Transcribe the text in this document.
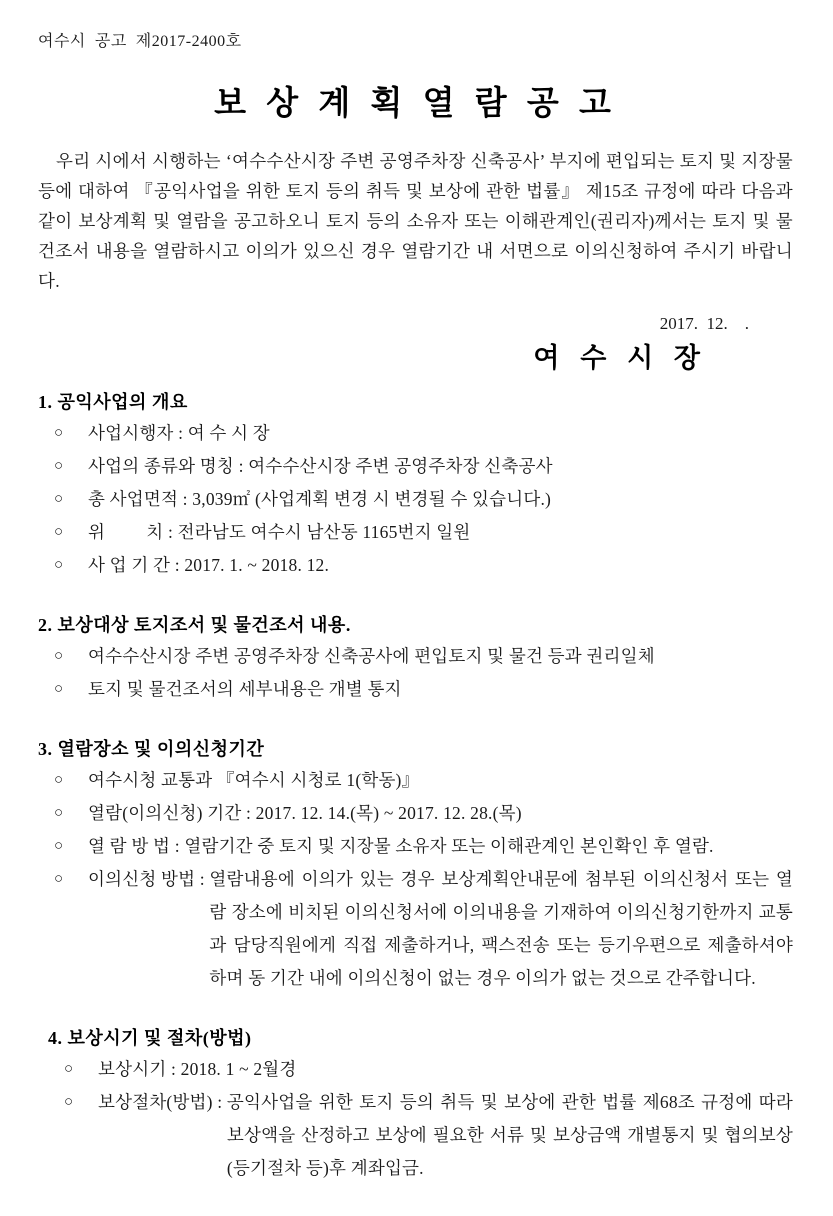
여수시  공고  제2017-2400호
보 상 계 획 열 람 공 고

우리 시에서 시행하는 ‘여수수산시장 주변 공영주차장 신축공사’ 부지에 편입되는 토지 및 지장물 등에 대하여 『공익사업을 위한 토지 등의 취득 및 보상에 관한 법률』 제15조 규정에 따라 다음과 같이 보상계획 및 열람을 공고하오니 토지 등의 소유자 또는 이해관계인(권리자)께서는 토지 및 물건조서 내용을 열람하시고 이의가 있으신 경우 열람기간 내 서면으로 이의신청하여 주시기 바랍니다.

2017.  12.    .
여 수 시 장
1. 공익사업의 개요
○	사업시행자 : 여 수 시 장
○	사업의 종류와 명칭 : 여수수산시장 주변 공영주차장 신축공사
○	총 사업면적 : 3,039㎡ (사업계획 변경 시 변경될 수 있습니다.)
○	위         치 : 전라남도 여수시 남산동 1165번지 일원
○	사 업 기 간 : 2017. 1. ~ 2018. 12.
2. 보상대상 토지조서 및 물건조서 내용.
○	여수수산시장 주변 공영주차장 신축공사에 편입토지 및 물건 등과 권리일체
○	토지 및 물건조서의 세부내용은 개별 통지
3. 열람장소 및 이의신청기간
○	여수시청 교통과 『여수시 시청로 1(학동)』
○	열람(이의신청) 기간 : 2017. 12. 14.(목) ~ 2017. 12. 28.(목)
○	열 람 방 법 : 열람기간 중 토지 및 지장물 소유자 또는 이해관계인 본인확인 후 열람.
○	이의신청 방법 : 열람내용에 이의가 있는 경우 보상계획안내문에 첨부된 이의신청서 또는 열람 장소에 비치된 이의신청서에 이의내용을 기재하여 이의신청기한까지 교통과 담당직원에게 직접 제출하거나, 팩스전송 또는 등기우편으로 제출하셔야 하며 동 기간 내에 이의신청이 없는 경우 이의가 없는 것으로 간주합니다.
4. 보상시기 및 절차(방법)
○	보상시기 : 2018. 1 ~ 2월경
○	보상절차(방법) : 공익사업을 위한 토지 등의 취득 및 보상에 관한 법률 제68조 규정에 따라 보상액을 산정하고 보상에 필요한 서류 및 보상금액 개별통지 및 협의보상(등기절차 등)후 계좌입금.
